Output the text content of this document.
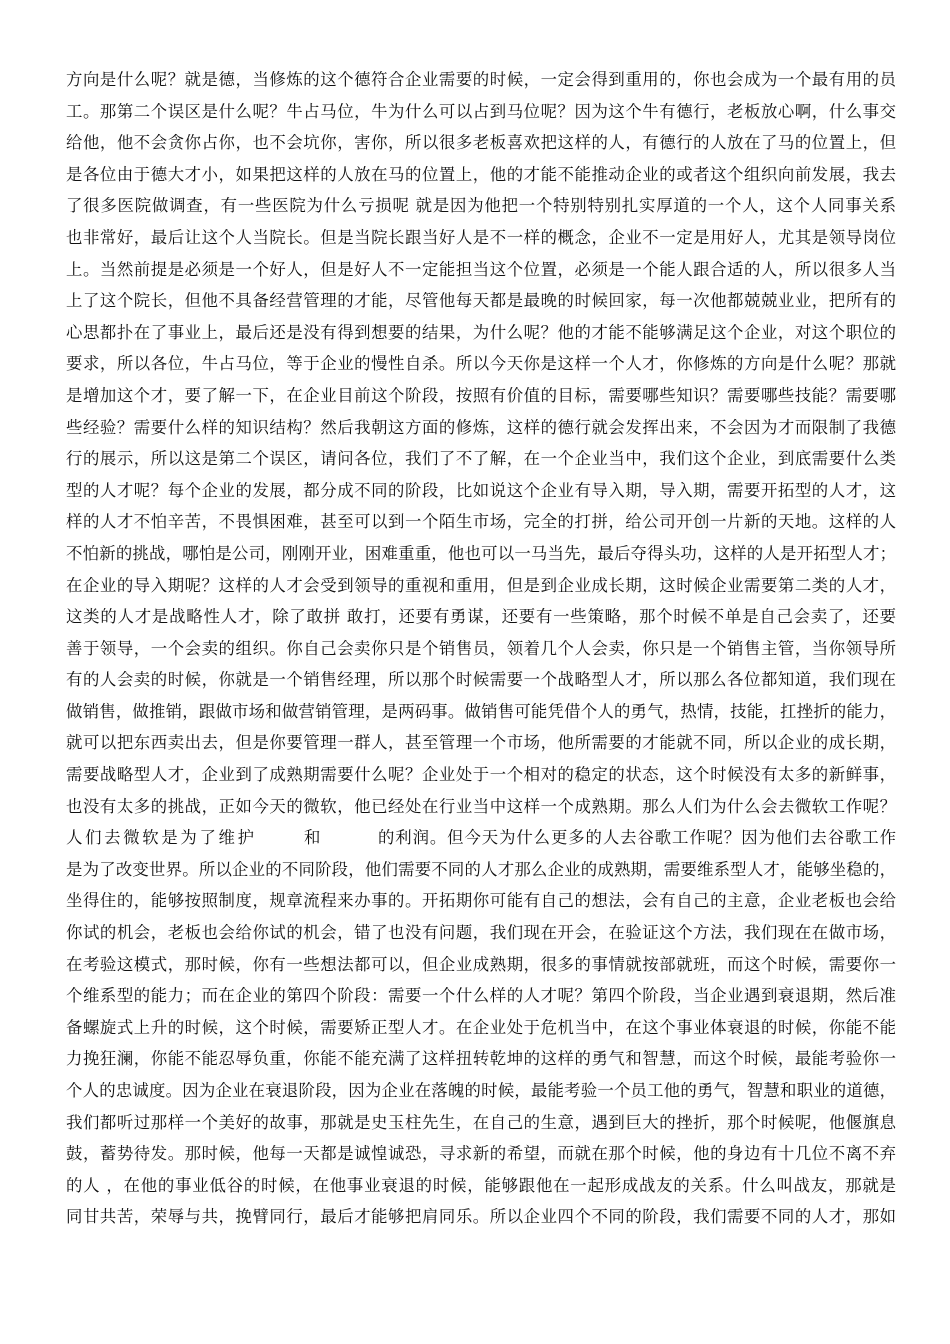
方向是什么呢？就是德，当修炼的这个德符合企业需要的时候，一定会得到重用的，你也会成为一个最有用的员
工。那第二个误区是什么呢？牛占马位，牛为什么可以占到马位呢？因为这个牛有德行，老板放心啊，什么事交
给他，他不会贪你占你，也不会坑你，害你，所以很多老板喜欢把这样的人，有德行的人放在了马的位置上，但
是各位由于德大才小，如果把这样的人放在马的位置上，他的才能不能推动企业的或者这个组织向前发展，我去
了很多医院做调查，有一些医院为什么亏损呢 就是因为他把一个特别特别扎实厚道的一个人，这个人同事关系
也非常好，最后让这个人当院长。但是当院长跟当好人是不一样的概念，企业不一定是用好人，尤其是领导岗位
上。当然前提是必须是一个好人，但是好人不一定能担当这个位置，必须是一个能人跟合适的人，所以很多人当
上了这个院长，但他不具备经营管理的才能，尽管他每天都是最晚的时候回家，每一次他都兢兢业业，把所有的
心思都扑在了事业上，最后还是没有得到想要的结果，为什么呢？他的才能不能够满足这个企业，对这个职位的
要求，所以各位，牛占马位，等于企业的慢性自杀。所以今天你是这样一个人才，你修炼的方向是什么呢？那就
是增加这个才，要了解一下，在企业目前这个阶段，按照有价值的目标，需要哪些知识？需要哪些技能？需要哪
些经验？需要什么样的知识结构？然后我朝这方面的修炼，这样的德行就会发挥出来，不会因为才而限制了我德
行的展示，所以这是第二个误区，请问各位，我们了不了解，在一个企业当中，我们这个企业，到底需要什么类
型的人才呢？每个企业的发展，都分成不同的阶段，比如说这个企业有导入期，导入期，需要开拓型的人才，这
样的人才不怕辛苦，不畏惧困难，甚至可以到一个陌生市场，完全的打拼，给公司开创一片新的天地。这样的人
不怕新的挑战，哪怕是公司，刚刚开业，困难重重，他也可以一马当先，最后夺得头功，这样的人是开拓型人才；
在企业的导入期呢？这样的人才会受到领导的重视和重用，但是到企业成长期，这时候企业需要第二类的人才，
这类的人才是战略性人才，除了敢拼 敢打，还要有勇谋，还要有一些策略，那个时候不单是自己会卖了，还要
善于领导，一个会卖的组织。你自己会卖你只是个销售员，领着几个人会卖，你只是一个销售主管，当你领导所
有的人会卖的时候，你就是一个销售经理，所以那个时候需要一个战略型人才，所以那么各位都知道，我们现在
做销售，做推销，跟做市场和做营销管理，是两码事。做销售可能凭借个人的勇气，热情，技能，扛挫折的能力，
就可以把东西卖出去，但是你要管理一群人，甚至管理一个市场，他所需要的才能就不同，所以企业的成长期，
需要战略型人才，企业到了成熟期需要什么呢？企业处于一个相对的稳定的状态，这个时候没有太多的新鲜事，
也没有太多的挑战，正如今天的微软，他已经处在行业当中这样一个成熟期。那么人们为什么会去微软工作呢？
人们去微软是为了维护	和	的利润。但今天为什么更多的人去谷歌工作呢？因为他们去谷歌工作
是为了改变世界。所以企业的不同阶段，他们需要不同的人才那么企业的成熟期，需要维系型人才，能够坐稳的，
坐得住的，能够按照制度，规章流程来办事的。开拓期你可能有自己的想法，会有自己的主意，企业老板也会给
你试的机会，老板也会给你试的机会，错了也没有问题，我们现在开会，在验证这个方法，我们现在在做市场，
在考验这模式，那时候，你有一些想法都可以，但企业成熟期，很多的事情就按部就班，而这个时候，需要你一
个维系型的能力；而在企业的第四个阶段：需要一个什么样的人才呢？第四个阶段，当企业遇到衰退期，然后准
备螺旋式上升的时候，这个时候，需要矫正型人才。在企业处于危机当中，在这个事业体衰退的时候，你能不能
力挽狂澜，你能不能忍辱负重，你能不能充满了这样扭转乾坤的这样的勇气和智慧，而这个时候，最能考验你一
个人的忠诚度。因为企业在衰退阶段，因为企业在落魄的时候，最能考验一个员工他的勇气，智慧和职业的道德，
我们都听过那样一个美好的故事，那就是史玉柱先生，在自己的生意，遇到巨大的挫折，那个时候呢，他偃旗息
鼓，蓄势待发。那时候，他每一天都是诚惶诚恐，寻求新的希望，而就在那个时候，他的身边有十几位不离不弃
的人 ，在他的事业低谷的时候，在他事业衰退的时候，能够跟他在一起形成战友的关系。什么叫战友，那就是
同甘共苦，荣辱与共，挽臂同行，最后才能够把肩同乐。所以企业四个不同的阶段，我们需要不同的人才，那如
